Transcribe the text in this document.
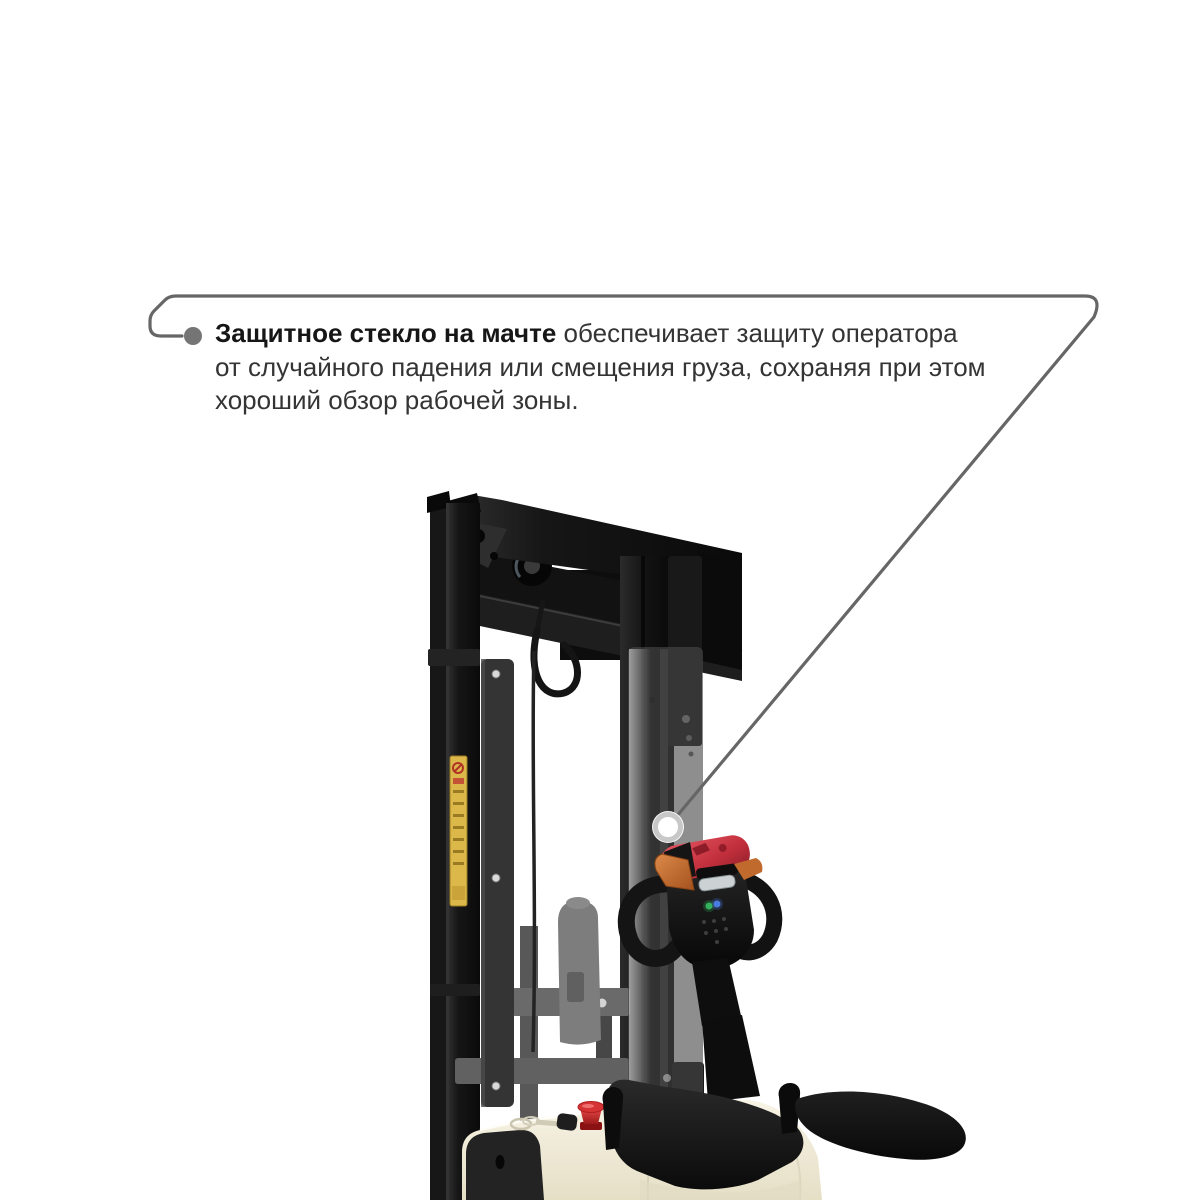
Защитное стекло на мачте обеспечивает защиту оператора
от случайного падения или смещения груза, сохраняя при этом
хороший обзор рабочей зоны.
